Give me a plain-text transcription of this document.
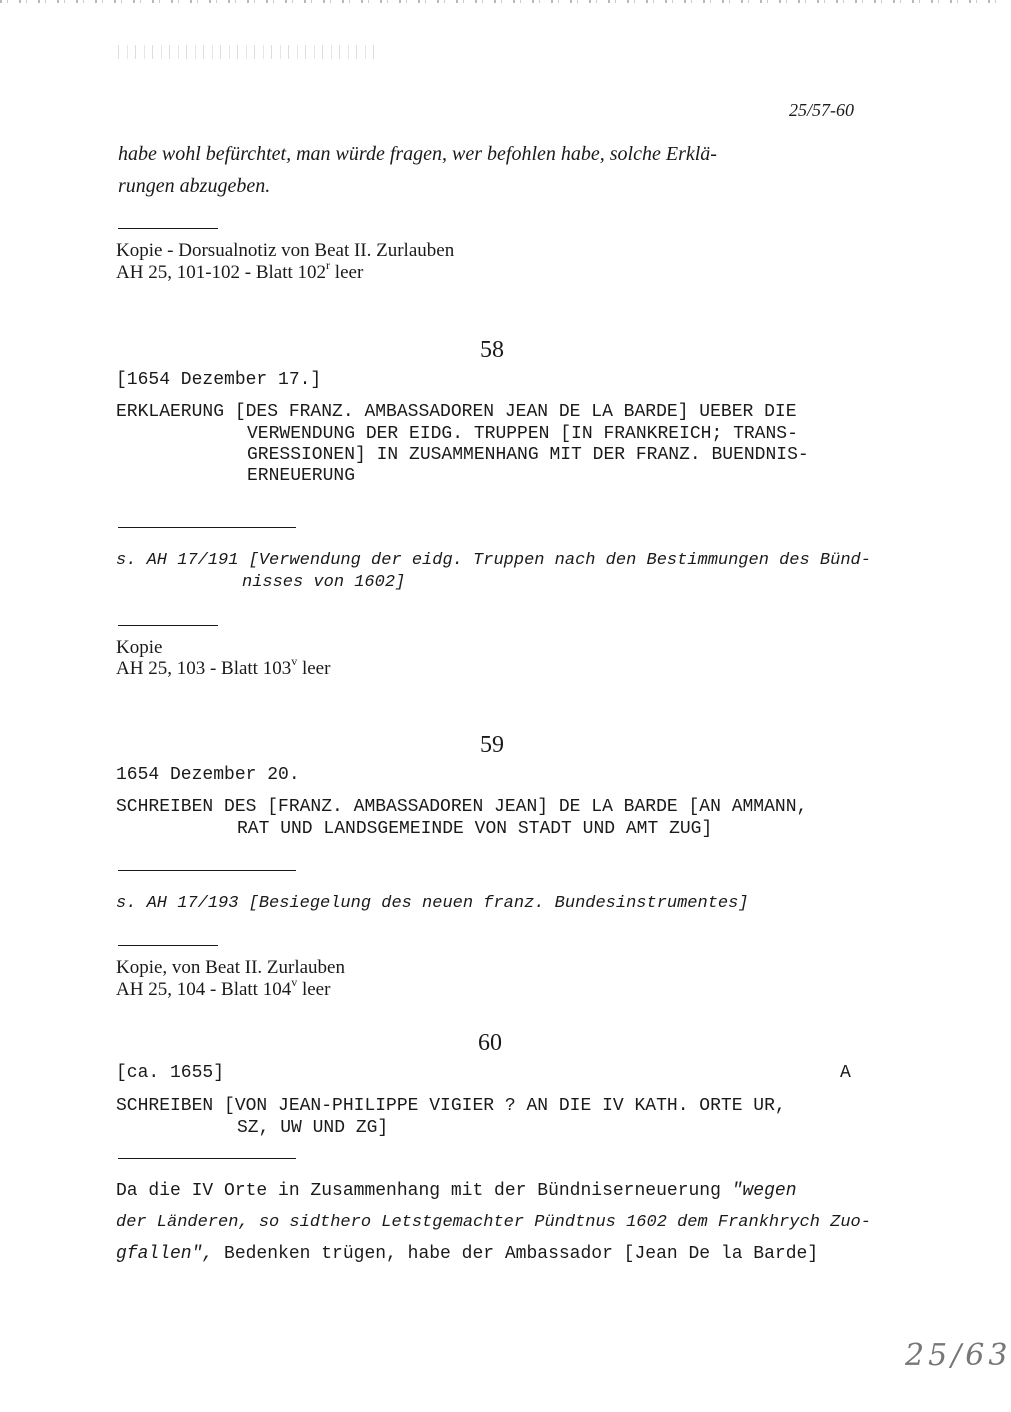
25/57-60
habe wohl befürchtet, man würde fragen, wer befohlen habe, solche Erklä-
rungen abzugeben.
Kopie - Dorsualnotiz von Beat II. Zurlauben
AH 25, 101-102 - Blatt 102$^r$ leer
58
[1654 Dezember 17.]
ERKLAERUNG [DES FRANZ. AMBASSADOREN JEAN DE LA BARDE] UEBER DIE
VERWENDUNG DER EIDG. TRUPPEN [IN FRANKREICH; TRANS-
GRESSIONEN] IN ZUSAMMENHANG MIT DER FRANZ. BUENDNIS-
ERNEUERUNG
s. AH 17/191 [Verwendung der eidg. Truppen nach den Bestimmungen des Bünd-
nisses von 1602]
Kopie
AH 25, 103 - Blatt 103$^v$ leer
59
1654 Dezember 20.
SCHREIBEN DES [FRANZ. AMBASSADOREN JEAN] DE LA BARDE [AN AMMANN,
RAT UND LANDSGEMEINDE VON STADT UND AMT ZUG]
s. AH 17/193 [Besiegelung des neuen franz. Bundesinstrumentes]
Kopie, von Beat II. Zurlauben
AH 25, 104 - Blatt 104$^v$ leer
60
[ca. 1655]	A
SCHREIBEN [VON JEAN-PHILIPPE VIGIER ? AN DIE IV KATH. ORTE UR,
SZ, UW UND ZG]
Da die IV Orte in Zusammenhang mit der Bündniserneuerung "wegen
der Länderen, so sidthero Letstgemachter Pündtnus 1602 dem Frankhrych Zuo-
gfallen", Bedenken trügen, habe der Ambassador [Jean De la Barde]
25/63
